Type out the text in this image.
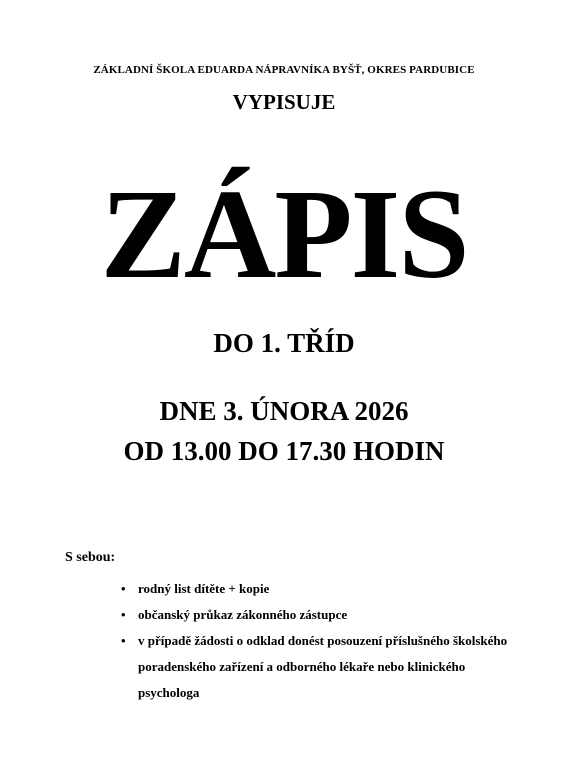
ZÁKLADNÍ ŠKOLA EDUARDA NÁPRAVNÍKA BYŠŤ, OKRES PARDUBICE
VYPISUJE
ZÁPIS
DO 1. TŘÍD
DNE 3. ÚNORA 2026
OD 13.00 DO 17.30 HODIN
S sebou:
• rodný list dítěte + kopie
• občanský průkaz zákonného zástupce
• v případě žádosti o odklad donést posouzení příslušného školského poradenského zařízení a odborného lékaře nebo klinického psychologa
